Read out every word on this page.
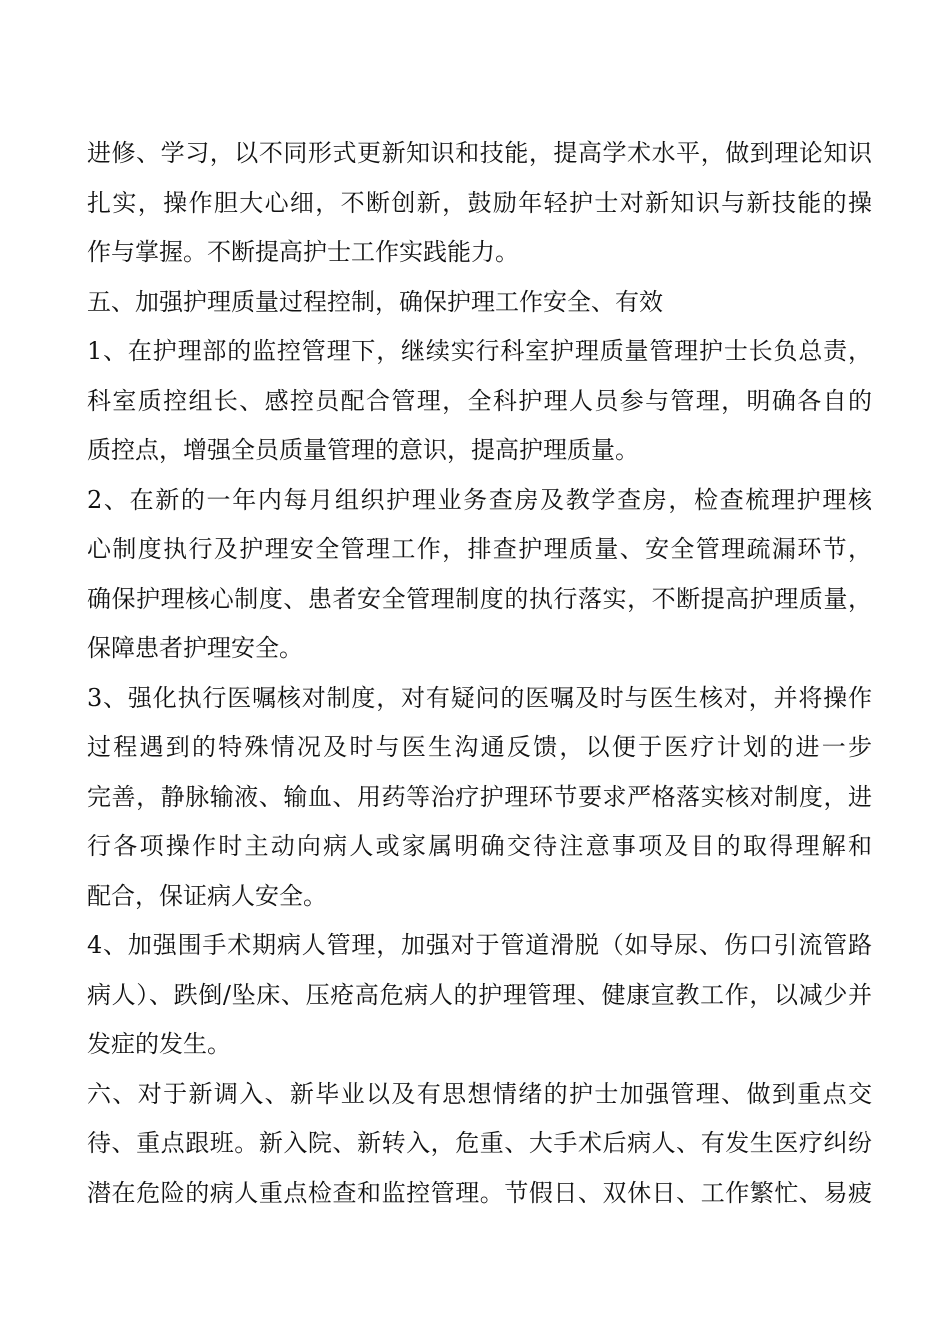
进修、学习，以不同形式更新知识和技能，提高学术水平，做到理论知识
扎实，操作胆大心细，不断创新，鼓励年轻护士对新知识与新技能的操
作与掌握。不断提高护士工作实践能力。
五、加强护理质量过程控制，确保护理工作安全、有效
1、在护理部的监控管理下，继续实行科室护理质量管理护士长负总责，
科室质控组长、感控员配合管理，全科护理人员参与管理，明确各自的
质控点，增强全员质量管理的意识，提高护理质量。
2、在新的一年内每月组织护理业务查房及教学查房，检查梳理护理核
心制度执行及护理安全管理工作，排查护理质量、安全管理疏漏环节，
确保护理核心制度、患者安全管理制度的执行落实，不断提高护理质量，
保障患者护理安全。
3、强化执行医嘱核对制度，对有疑问的医嘱及时与医生核对，并将操作
过程遇到的特殊情况及时与医生沟通反馈，以便于医疗计划的进一步
完善，静脉输液、输血、用药等治疗护理环节要求严格落实核对制度，进
行各项操作时主动向病人或家属明确交待注意事项及目的取得理解和
配合，保证病人安全。
4、加强围手术期病人管理，加强对于管道滑脱（如导尿、伤口引流管路
病人）、跌倒/坠床、压疮高危病人的护理管理、健康宣教工作，以减少并
发症的发生。
六、对于新调入、新毕业以及有思想情绪的护士加强管理、做到重点交
待、重点跟班。新入院、新转入，危重、大手术后病人、有发生医疗纠纷
潜在危险的病人重点检查和监控管理。节假日、双休日、工作繁忙、易疲
